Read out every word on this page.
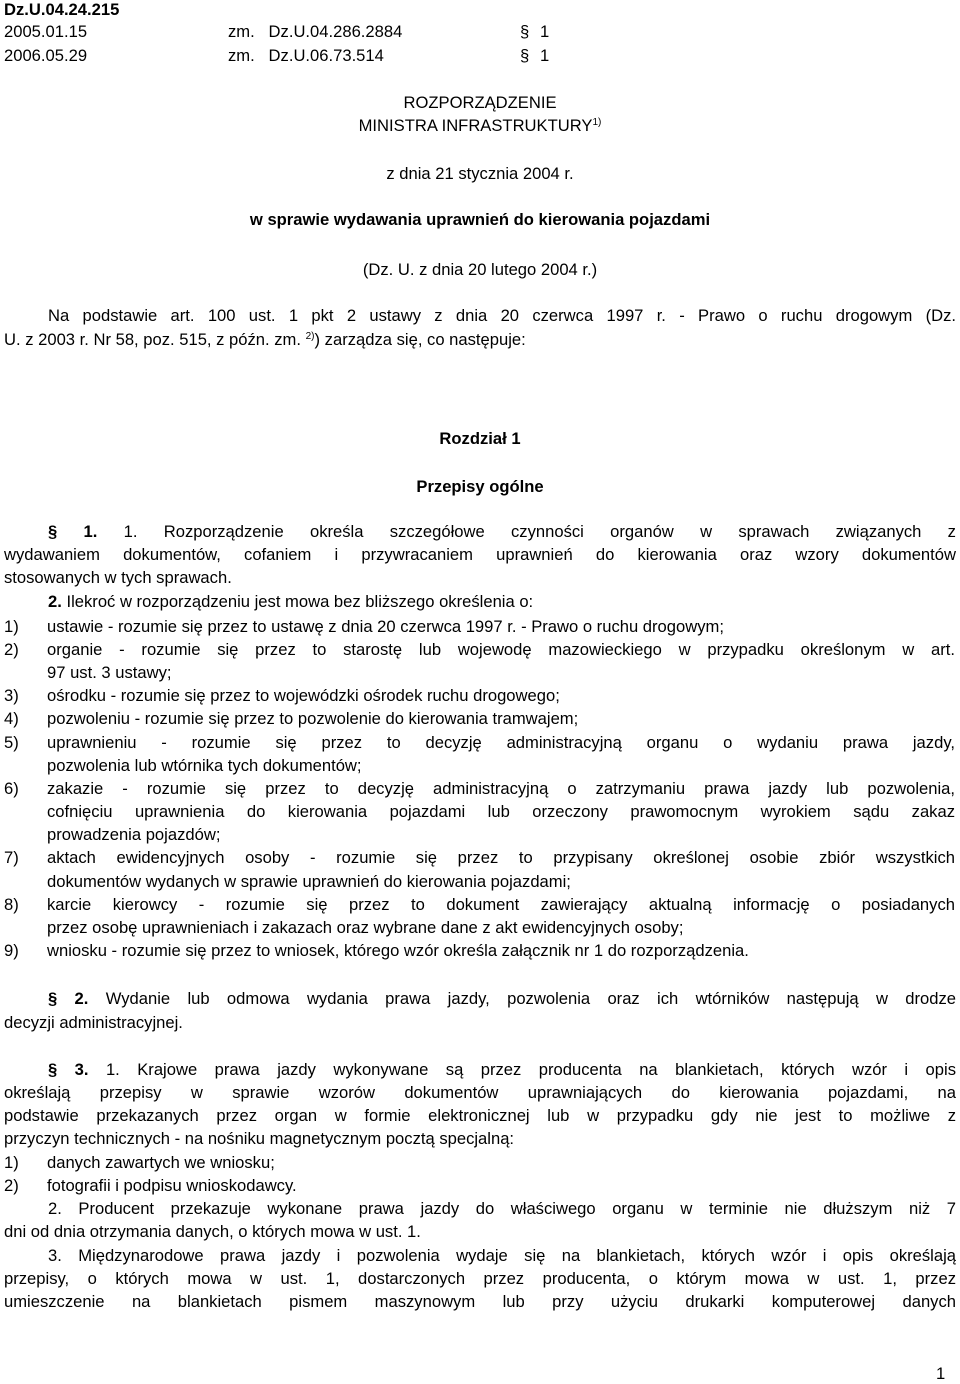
Dz.U.04.24.215
2005.01.15	zm.   Dz.U.04.286.2884	§ 1
2006.05.29	zm.   Dz.U.06.73.514	§ 1
ROZPORZĄDZENIE
MINISTRA INFRASTRUKTURY$^{1)}$
z dnia 21 stycznia 2004 r.
w sprawie wydawania uprawnień do kierowania pojazdami
(Dz. U. z dnia 20 lutego 2004 r.)
Na podstawie art. 100 ust. 1 pkt 2 ustawy z dnia 20 czerwca 1997 r. - Prawo o ruchu drogowym (Dz.
U. z 2003 r. Nr 58, poz. 515, z późn. zm. $^{2)}$) zarządza się, co następuje:
Rozdział 1
Przepisy ogólne
§ 1. 1. Rozporządzenie określa szczegółowe czynności organów w sprawach związanych z
wydawaniem dokumentów, cofaniem i przywracaniem uprawnień do kierowania oraz wzory dokumentów
stosowanych w tych sprawach.
2. Ilekroć w rozporządzeniu jest mowa bez bliższego określenia o:
1) ustawie - rozumie się przez to ustawę z dnia 20 czerwca 1997 r. - Prawo o ruchu drogowym;
2) organie - rozumie się przez to starostę lub wojewodę mazowieckiego w przypadku określonym w art.
97 ust. 3 ustawy;
3) ośrodku - rozumie się przez to wojewódzki ośrodek ruchu drogowego;
4) pozwoleniu - rozumie się przez to pozwolenie do kierowania tramwajem;
5) uprawnieniu - rozumie się przez to decyzję administracyjną organu o wydaniu prawa jazdy,
pozwolenia lub wtórnika tych dokumentów;
6) zakazie - rozumie się przez to decyzję administracyjną o zatrzymaniu prawa jazdy lub pozwolenia,
cofnięciu uprawnienia do kierowania pojazdami lub orzeczony prawomocnym wyrokiem sądu zakaz
prowadzenia pojazdów;
7) aktach ewidencyjnych osoby - rozumie się przez to przypisany określonej osobie zbiór wszystkich
dokumentów wydanych w sprawie uprawnień do kierowania pojazdami;
8) karcie kierowcy - rozumie się przez to dokument zawierający aktualną informację o posiadanych
przez osobę uprawnieniach i zakazach oraz wybrane dane z akt ewidencyjnych osoby;
9) wniosku - rozumie się przez to wniosek, którego wzór określa załącznik nr 1 do rozporządzenia.
§ 2. Wydanie lub odmowa wydania prawa jazdy, pozwolenia oraz ich wtórników następują w drodze
decyzji administracyjnej.
§ 3. 1. Krajowe prawa jazdy wykonywane są przez producenta na blankietach, których wzór i opis
określają przepisy w sprawie wzorów dokumentów uprawniających do kierowania pojazdami, na
podstawie przekazanych przez organ w formie elektronicznej lub w przypadku gdy nie jest to możliwe z
przyczyn technicznych - na nośniku magnetycznym pocztą specjalną:
1) danych zawartych we wniosku;
2) fotografii i podpisu wnioskodawcy.
2. Producent przekazuje wykonane prawa jazdy do właściwego organu w terminie nie dłuższym niż 7
dni od dnia otrzymania danych, o których mowa w ust. 1.
3. Międzynarodowe prawa jazdy i pozwolenia wydaje się na blankietach, których wzór i opis określają
przepisy, o których mowa w ust. 1, dostarczonych przez producenta, o którym mowa w ust. 1, przez
umieszczenie na blankietach pismem maszynowym lub przy użyciu drukarki komputerowej danych
1
